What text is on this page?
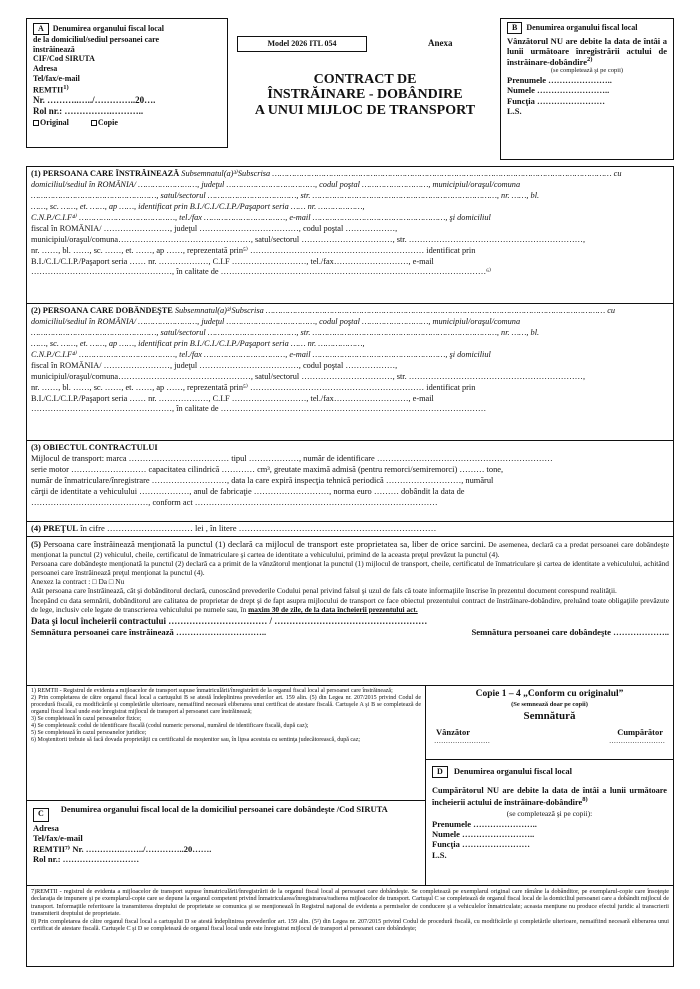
A Denumirea organului fiscal local
de la domiciliul/sediul persoanei care
înstrăinează
CIF/Cod SIRUTA
Adresa
Tel/fax/e-mail
REMTII$^{1)}$
Nr. ………..…../…………..20….
Rol nr.: …………….………..
Original	Copie
Model 2026 ITL 054	Anexa
CONTRACT DE
ÎNSTRĂINARE - DOBÂNDIRE
A UNUI MIJLOC DE TRANSPORT
B Denumirea organului fiscal local
Vânzătorul NU are debite la data de întâi a lunii următoare înregistrării actului de înstrăinare-dobândire$^{2)}$
(se completează şi pe copii)
Prenumele …………………..
Numele ……………………..
Funcţia ……………………
L.S.
(1) PERSOANA CARE ÎNSTRĂINEAZĂ Subsemnatul(a)³⁾Subscrisa ………………………………………………………………………………………………………………………… cu
domiciliul/sediul în ROMÂNIA/ ……………………, judeţul ………………………………, codul poştal ………………………, municipiul/oraşul/comuna
……………………………………………, satul/sectorul ………………………………, str. …………………………………………………………………, nr. ……, bl.
……, sc. ……, et. ……, ap ……, identificat prin B.I./C.I./C.I.P./Paşaport seria …… nr. ………………,
C.N.P./C.I.F⁴⁾ …………………………………, tel./fax ……………………………, e-mail ………………………………………………, şi domiciliul
fiscal în ROMÂNIA/ ……………………, judeţul ………………………………, codul poştal ………………,
municipiul/oraşul/comuna…………………………………………, satul/sectorul ……………………………, str. ………………………………………………………,
nr. ……, bl. ……, sc. ……, et. ……, ap ……, reprezentată prin⁵⁾ ……………………………………………………… identificat prin
B.I./C.I./C.I.P./Paşaport seria …… nr. ………………, C.I.F ………………………, tel./fax………………………, e-mail
……………………………………………, în calitate de ……………………………………………………………………………………⁶⁾
(2) PERSOANA CARE DOBÂNDEŞTE Subsemnatul(a)³⁾Subscrisa ………………………………………………………………………………………………………………………… cu
domiciliul/sediul în ROMÂNIA/ ……………………, judeţul ………………………………, codul poştal ………………………, municipiul/oraşul/comuna
……………………………………………, satul/sectorul ………………………………, str. …………………………………………………………………, nr. ……, bl.
……, sc. ……, et. ……, ap ……, identificat prin B.I./C.I./C.I.P./Paşaport seria …… nr. ………………,
C.N.P./C.I.F⁴⁾ …………………………………, tel./fax ……………………………, e-mail ………………………………………………, şi domiciliul
fiscal în ROMÂNIA/ ……………………, judeţul ………………………………, codul poştal ………………,
municipiul/oraşul/comuna…………………………………………, satul/sectorul ……………………………, str. ………………………………………………………,
nr. ……, bl. ……, sc. ……, et. ……, ap ……, reprezentată prin⁵⁾ ……………………………………………………… identificat prin
B.I./C.I./C.I.P./Paşaport seria …… nr. ………………, C.I.F ………………………, tel./fax………………………, e-mail
……………………………………………, în calitate de ……………………………………………………………………………………
(3) OBIECTUL CONTRACTULUI
Mijlocul de transport: marca ……………………………… tipul ………………, număr de identificare ………………………………………………………
serie motor ……………………… capacitatea cilindrică ………… cm³, greutate maximă admisă (pentru remorci/semiremorci) ……… tone,
număr de înmatriculare/înregistrare ………………………, data la care expiră inspecţia tehnică periodică ………………………, numărul
cărţii de identitate a vehiculului ………………, anul de fabricaţie ………………………, norma euro ……… dobândit la data de
……………………………………, conform act ……………………………………………………………………………
(4) PREŢUL în cifre ………………………… lei , în litere ……………………………………………………………
(5) Persoana care înstrăinează menţionată la punctul (1) declară ca mijlocul de transport este proprietatea sa, liber de orice sarcini. De asemenea, declară ca a predat persoanei care dobândeşte menţionat la punctul (2) vehiculul, cheile, certificatul de înmatriculare şi cartea de identitate a vehiculului, primind de la aceasta preţul prevăzut la punctul (4).
Persoana care dobândeşte menţionată la punctul (2) declară ca a primit de la vânzătorul menţionat la punctul (1) mijlocul de transport, cheile, certificatul de înmatriculare şi cartea de identitate a vehiculului, achitând persoanei care înstrăinează preţul menţionat la punctul (4).
Anexez la contract : □ Da □ Nu
Atât persoana care înstrăinează, cât şi dobânditorul declară, cunoscând prevederile Codului penal privind falsul şi uzul de fals că toate informaţiile înscrise în prezentul document corespund realităţii.
Începând cu data semnării, dobânditorul are calitatea de proprietar de drept şi de fapt asupra mijlocului de transport ce face obiectul prezentului contract de înstrăinare-dobândire, preluând toate obligaţiile prevăzute de lege, inclusiv cele legate de transcrierea vehiculului pe numele sau, în maxim 30 de zile, de la data încheierii prezentului act.
Data şi locul încheierii contractului …………………………… / ……………………………………………
Semnătura persoanei care înstrăinează …………………………..	Semnătura persoanei care dobândeşte ………………..
1) REMTII - Registrul de evidenta a mijloacelor de transport supuse înmatriculării/înregistrării de la organul fiscal local al persoanei care înstrăinează;
2) Prin completarea de către organul fiscal local a cartuşului B se atestă îndeplinirea prevederilor art. 159 alin. (5) din Legea nr. 207/2015 privind Codul de procedură fiscală, cu modificările şi completările ulterioare, nemaifiind necesară eliberarea unui certificat de atestare fiscală. Cartuşele A şi B se completează de organul fiscal local unde este înregistrat mijlocul de transport al persoanei care înstrăinează;
3) Se completează în cazul persoanelor fizice;
4) Se completează: codul de identificare fiscală (codul numeric personal, numărul de identificare fiscală, după caz);
5) Se completează în cazul persoanelor juridice;
6) Moştenitorii trebuie să facă dovada proprietăţii cu certificatul de moştenitor sau, în lipsa acestuia cu sentinţa judecătorească, după caz;
Copie 1 – 4 „Conform cu originalul”
(Se semnează doar pe copii)
Semnătură
Vânzător	Cumpărător
……………………	……………………
C	Denumirea organului fiscal local de la domiciliul persoanei care dobândeşte /Cod SIRUTA
Adresa
Tel/fax/e-mail
REMTII⁷⁾ Nr. ………….……../…………..20…….
Rol nr.: ………………………
D Denumirea organului fiscal local
Cumpărătorul NU are debite la data de întâi a lunii următoare încheierii actului de înstrăinare-dobândire$^{8)}$
(se completează şi pe copii):
Prenumele …………………..
Numele ……………………..
Funcţia ……………………
L.S.
7)REMTII - registrul de evidenta a mijloacelor de transport supuse înmatriculării/înregistrării de la organul fiscal local al persoanei care dobândeşte. Se completează pe exemplarul original care rămâne la dobânditor, pe exemplarul-copie care însoţeşte declaraţia de impunere şi pe exemplarul-copie care se depune la organul competent privind înmatricularea/înregistrarea/radierea mijloacelor de transport. Cartuşul C se completează de organul fiscal local de la domiciliul persoanei care a dobândit mijlocul de transport. Informaţiile referitoare la transmiterea dreptului de proprietate se comunica şi se menţionează în Registrul naţional de evidenta a permiselor de conducere şi a vehiculelor înmatriculate; aceasta menţiune nu produce efectul juridic al transcrierii transmiterii dreptului de proprietate.
8) Prin completarea de către organul fiscal local a cartuşului D se atestă îndeplinirea prevederilor art. 159 alin. (5²) din Legea nr. 207/2015 privind Codul de procedură fiscală, cu modificările şi completările ulterioare, nemaifiind necesară eliberarea unui certificat de atestare fiscală. Cartuşele C şi D se completează de organul fiscal local unde este înregistrat mijlocul de transport al persoanei care dobândeşte;
